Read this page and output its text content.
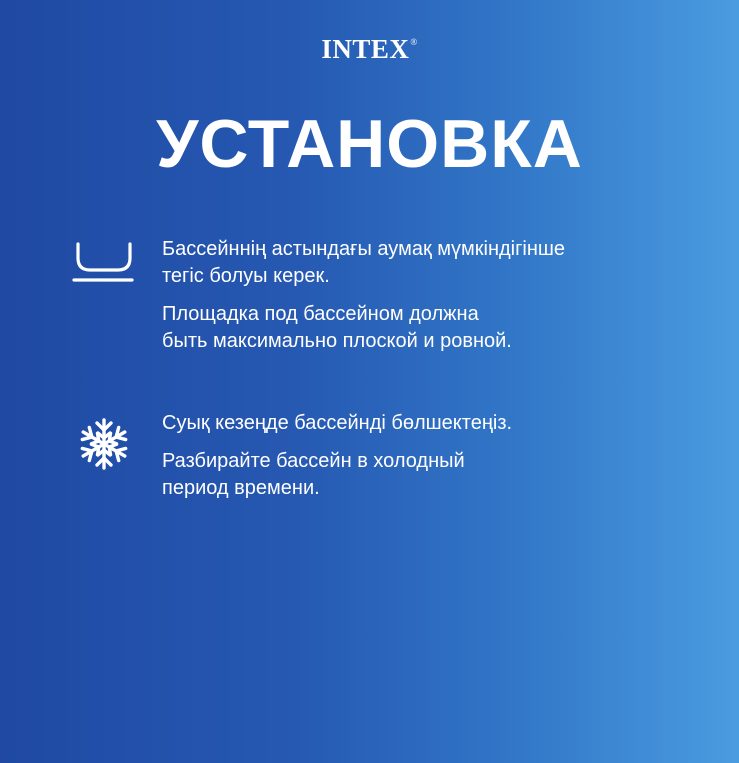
INTEX®
УСТАНОВКА

Бассейннің астындағы аумақ мүмкіндігінше
тегіс болуы керек.

Площадка под бассейном должна
быть максимально плоской и ровной.

Суық кезеңде бассейнді бөлшектеңіз.

Разбирайте бассейн в холодный
период времени.
